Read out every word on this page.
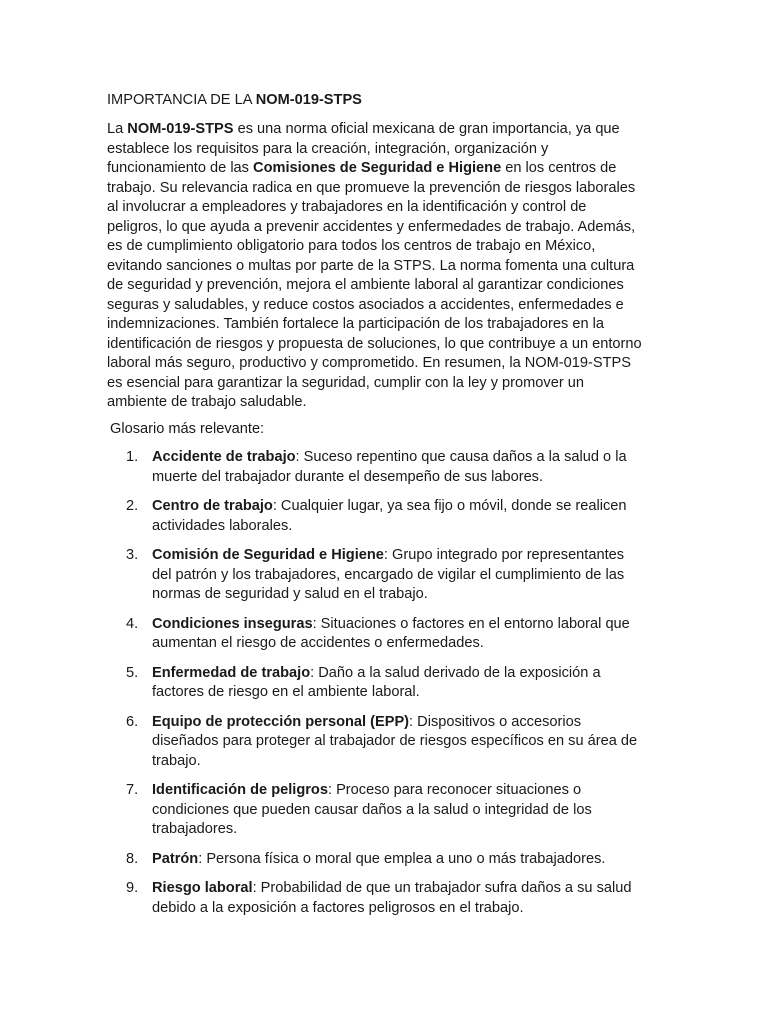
IMPORTANCIA DE LA NOM-019-STPS

La NOM-019-STPS es una norma oficial mexicana de gran importancia, ya que
establece los requisitos para la creación, integración, organización y
funcionamiento de las Comisiones de Seguridad e Higiene en los centros de
trabajo. Su relevancia radica en que promueve la prevención de riesgos laborales
al involucrar a empleadores y trabajadores en la identificación y control de
peligros, lo que ayuda a prevenir accidentes y enfermedades de trabajo. Además,
es de cumplimiento obligatorio para todos los centros de trabajo en México,
evitando sanciones o multas por parte de la STPS. La norma fomenta una cultura
de seguridad y prevención, mejora el ambiente laboral al garantizar condiciones
seguras y saludables, y reduce costos asociados a accidentes, enfermedades e
indemnizaciones. También fortalece la participación de los trabajadores en la
identificación de riesgos y propuesta de soluciones, lo que contribuye a un entorno
laboral más seguro, productivo y comprometido. En resumen, la NOM-019-STPS
es esencial para garantizar la seguridad, cumplir con la ley y promover un
ambiente de trabajo saludable.

Glosario más relevante:

1. Accidente de trabajo: Suceso repentino que causa daños a la salud o la
muerte del trabajador durante el desempeño de sus labores.
2. Centro de trabajo: Cualquier lugar, ya sea fijo o móvil, donde se realicen
actividades laborales.
3. Comisión de Seguridad e Higiene: Grupo integrado por representantes
del patrón y los trabajadores, encargado de vigilar el cumplimiento de las
normas de seguridad y salud en el trabajo.
4. Condiciones inseguras: Situaciones o factores en el entorno laboral que
aumentan el riesgo de accidentes o enfermedades.
5. Enfermedad de trabajo: Daño a la salud derivado de la exposición a
factores de riesgo en el ambiente laboral.
6. Equipo de protección personal (EPP): Dispositivos o accesorios
diseñados para proteger al trabajador de riesgos específicos en su área de
trabajo.
7. Identificación de peligros: Proceso para reconocer situaciones o
condiciones que pueden causar daños a la salud o integridad de los
trabajadores.
8. Patrón: Persona física o moral que emplea a uno o más trabajadores.
9. Riesgo laboral: Probabilidad de que un trabajador sufra daños a su salud
debido a la exposición a factores peligrosos en el trabajo.
